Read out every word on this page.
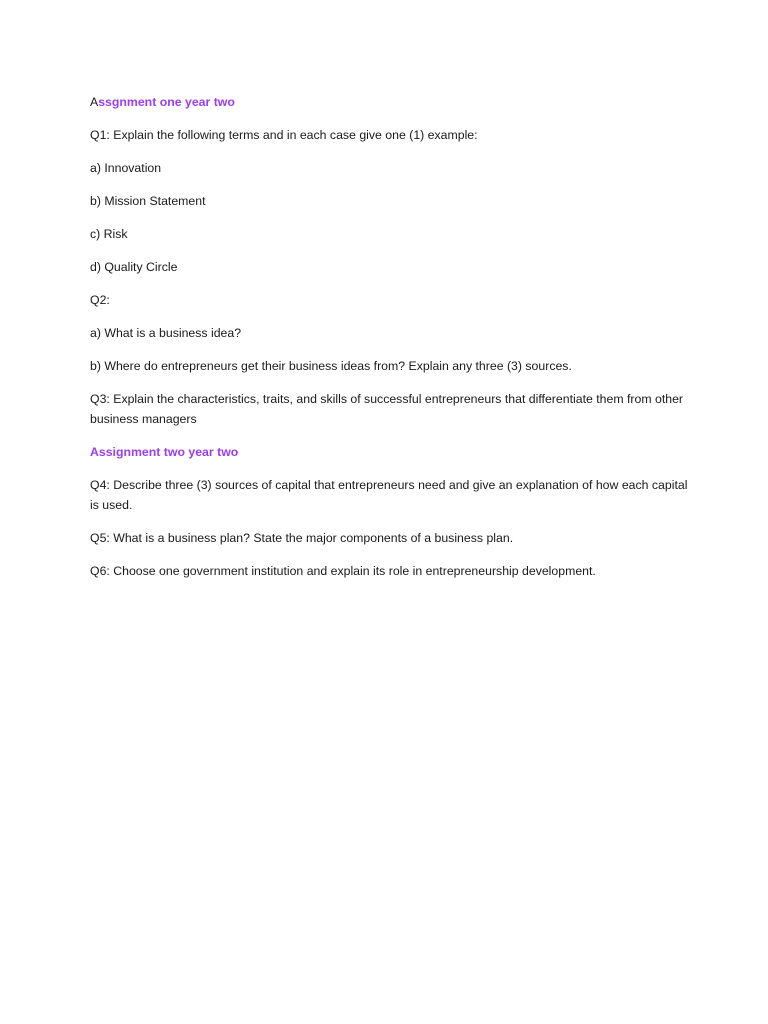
Assgnment one year two

Q1: Explain the following terms and in each case give one (1) example:

a) Innovation

b) Mission Statement

c) Risk

d) Quality Circle

Q2:

a) What is a business idea?

b) Where do entrepreneurs get their business ideas from? Explain any three (3) sources.

Q3: Explain the characteristics, traits, and skills of successful entrepreneurs that differentiate them from other business managers

Assignment two year two

Q4: Describe three (3) sources of capital that entrepreneurs need and give an explanation of how each capital is used.

Q5: What is a business plan? State the major components of a business plan.

Q6: Choose one government institution and explain its role in entrepreneurship development.
